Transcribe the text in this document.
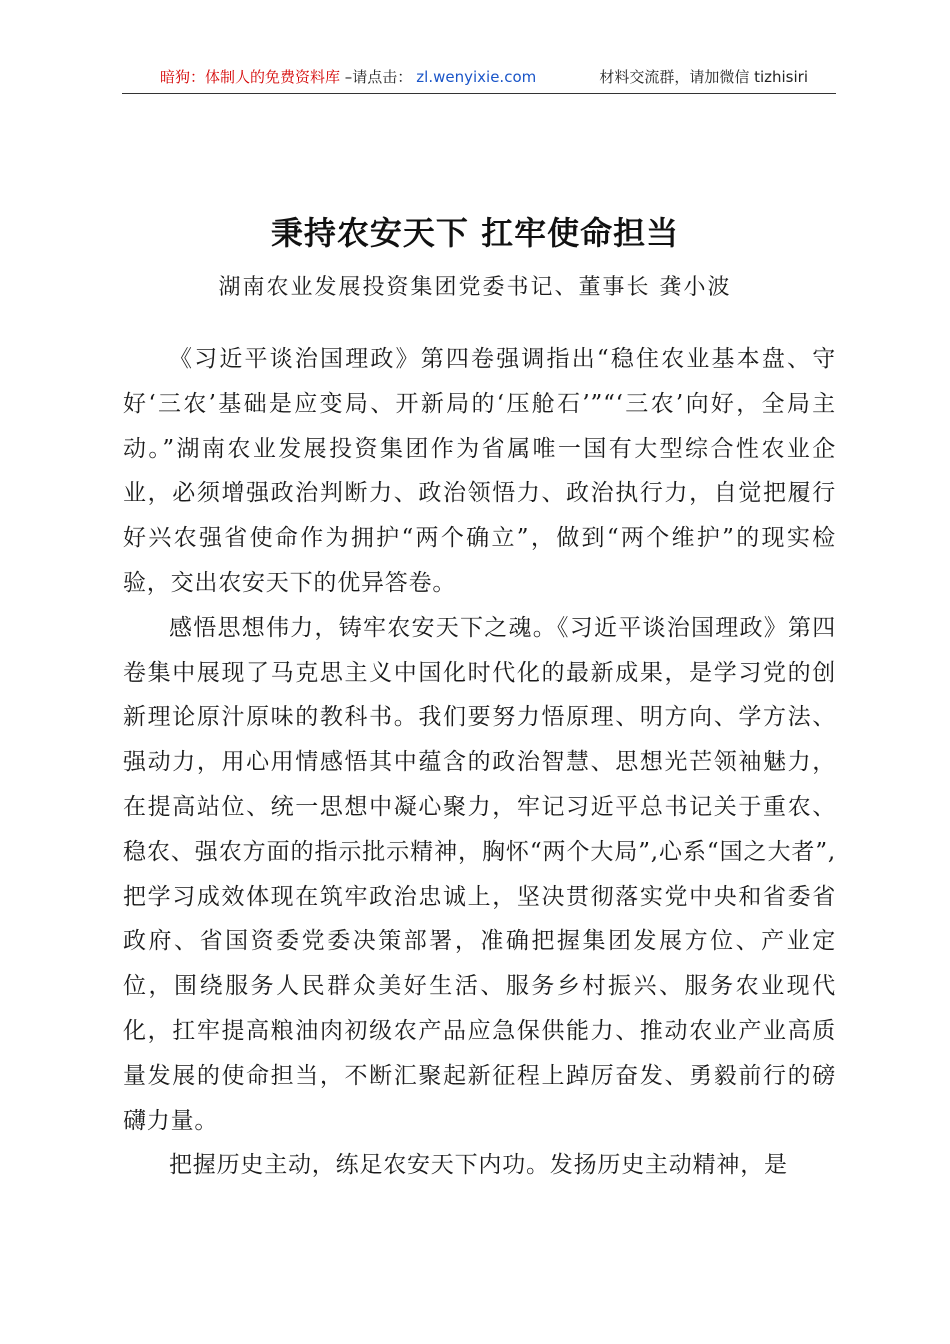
暗狗：体制人的免费资料库 –请点击： zl.wenyixie.com	材料交流群，请加微信 tizhisiri
秉持农安天下 扛牢使命担当
湖南农业发展投资集团党委书记、董事长 龚小波

《习近平谈治国理政》第四卷强调指出“稳住农业基本盘、守好‘三农’基础是应变局、开新局的‘压舱石’”“‘三农’向好，全局主动。”湖南农业发展投资集团作为省属唯一国有大型综合性农业企业，必须增强政治判断力、政治领悟力、政治执行力，自觉把履行好兴农强省使命作为拥护“两个确立”，做到“两个维护”的现实检验，交出农安天下的优异答卷。

感悟思想伟力，铸牢农安天下之魂。《习近平谈治国理政》第四卷集中展现了马克思主义中国化时代化的最新成果，是学习党的创新理论原汁原味的教科书。我们要努力悟原理、明方向、学方法、强动力，用心用情感悟其中蕴含的政治智慧、思想光芒领袖魅力，在提高站位、统一思想中凝心聚力，牢记习近平总书记关于重农、稳农、强农方面的指示批示精神，胸怀“两个大局”,心系“国之大者”,把学习成效体现在筑牢政治忠诚上，坚决贯彻落实党中央和省委省政府、省国资委党委决策部署，准确把握集团发展方位、产业定位，围绕服务人民群众美好生活、服务乡村振兴、服务农业现代化，扛牢提高粮油肉初级农产品应急保供能力、推动农业产业高质量发展的使命担当，不断汇聚起新征程上踔厉奋发、勇毅前行的磅礴力量。

把握历史主动，练足农安天下内功。发扬历史主动精神，是
